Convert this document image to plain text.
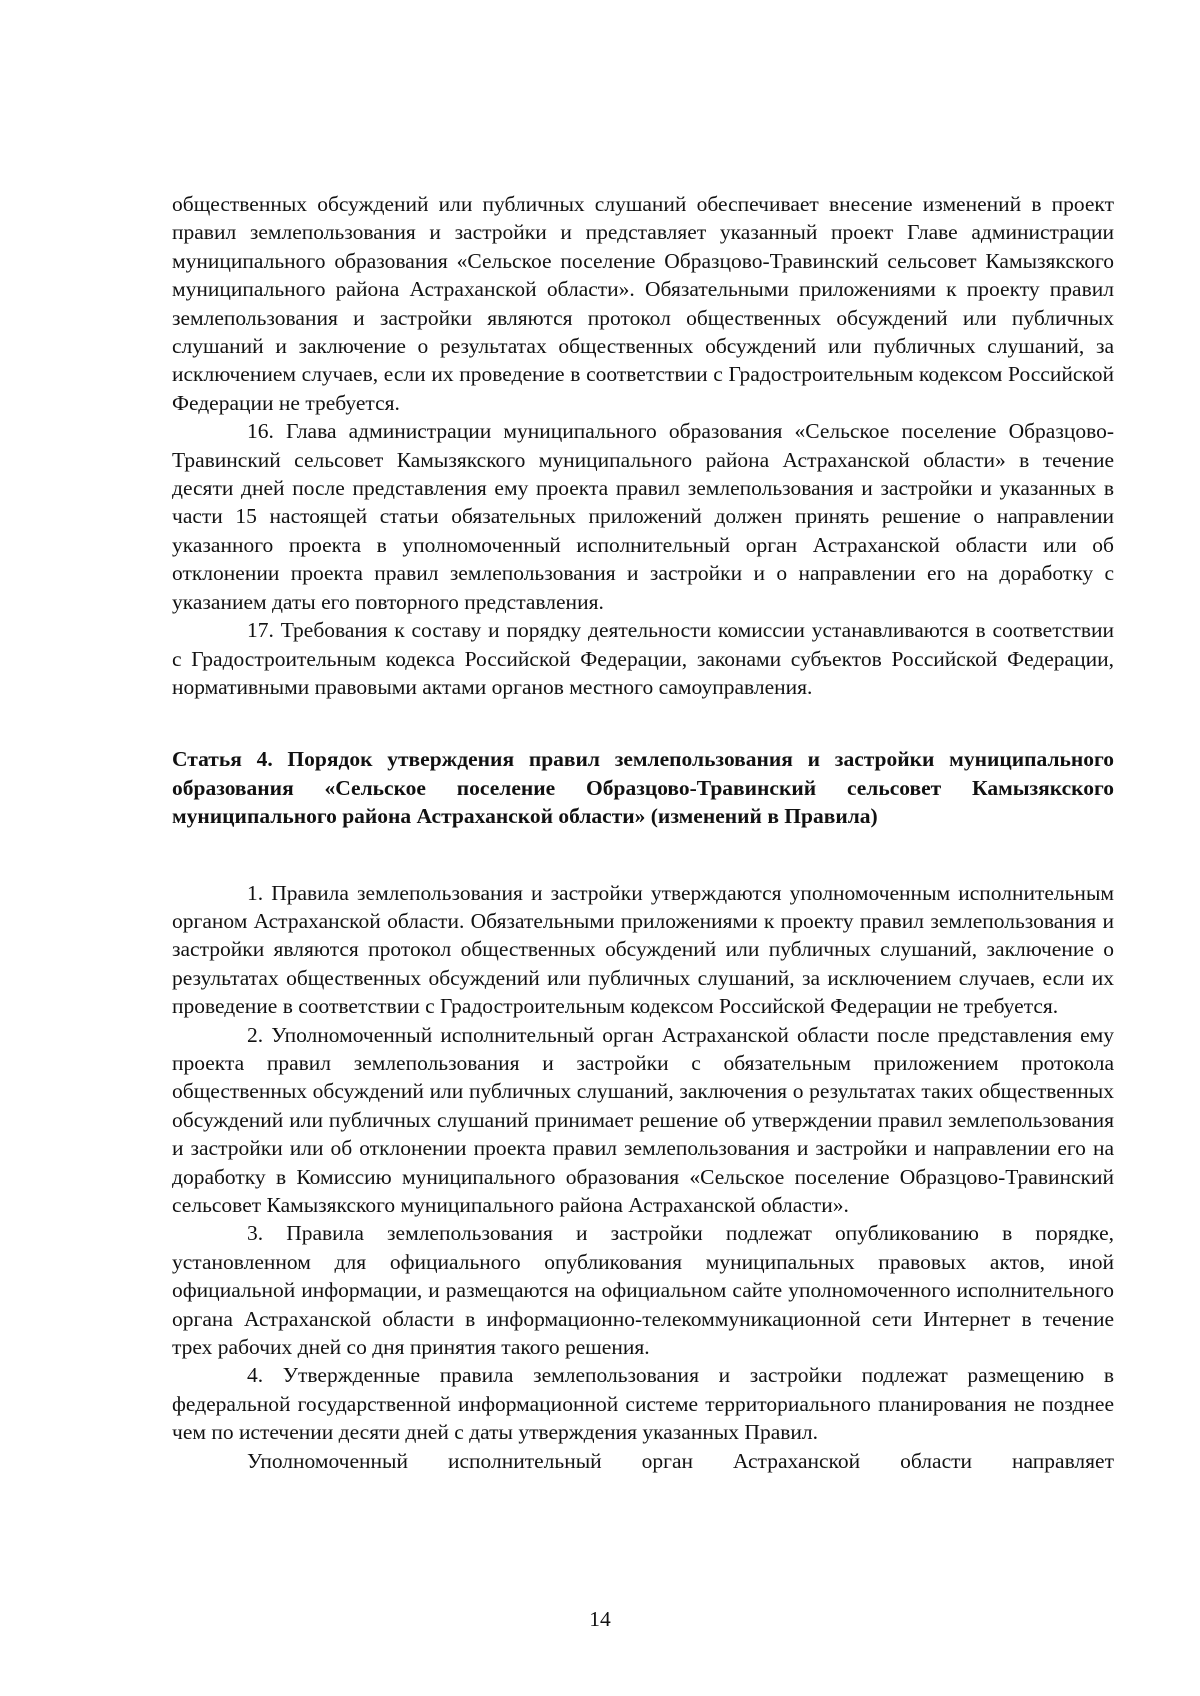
общественных обсуждений или публичных слушаний обеспечивает внесение изменений в проект правил землепользования и застройки и представляет указанный проект Главе администрации муниципального образования «Сельское поселение Образцово-Травинский сельсовет Камызякского муниципального района Астраханской области». Обязательными приложениями к проекту правил землепользования и застройки являются протокол общественных обсуждений или публичных слушаний и заключение о результатах общественных обсуждений или публичных слушаний, за исключением случаев, если их проведение в соответствии с Градостроительным кодексом Российской Федерации не требуется.

16. Глава администрации муниципального образования «Сельское поселение Образцово-Травинский сельсовет Камызякского муниципального района Астраханской области» в течение десяти дней после представления ему проекта правил землепользования и застройки и указанных в части 15 настоящей статьи обязательных приложений должен принять решение о направлении указанного проекта в уполномоченный исполнительный орган Астраханской области или об отклонении проекта правил землепользования и застройки и о направлении его на доработку с указанием даты его повторного представления.

17. Требования к составу и порядку деятельности комиссии устанавливаются в соответствии с Градостроительным кодекса Российской Федерации, законами субъектов Российской Федерации, нормативными правовыми актами органов местного самоуправления.

Статья 4. Порядок утверждения правил землепользования и застройки муниципального образования «Сельское поселение Образцово-Травинский сельсовет Камызякского муниципального района Астраханской области» (изменений в Правила)

1. Правила землепользования и застройки утверждаются уполномоченным исполнительным органом Астраханской области. Обязательными приложениями к проекту правил землепользования и застройки являются протокол общественных обсуждений или публичных слушаний, заключение о результатах общественных обсуждений или публичных слушаний, за исключением случаев, если их проведение в соответствии с Градостроительным кодексом Российской Федерации не требуется.

2. Уполномоченный исполнительный орган Астраханской области после представления ему проекта правил землепользования и застройки с обязательным приложением протокола общественных обсуждений или публичных слушаний, заключения о результатах таких общественных обсуждений или публичных слушаний принимает решение об утверждении правил землепользования и застройки или об отклонении проекта правил землепользования и застройки и направлении его на доработку в Комиссию муниципального образования «Сельское поселение Образцово-Травинский сельсовет Камызякского муниципального района Астраханской области».

3. Правила землепользования и застройки подлежат опубликованию в порядке, установленном для официального опубликования муниципальных правовых актов, иной официальной информации, и размещаются на официальном сайте уполномоченного исполнительного органа Астраханской области в информационно-телекоммуникационной сети Интернет в течение трех рабочих дней со дня принятия такого решения.

4. Утвержденные правила землепользования и застройки подлежат размещению в федеральной государственной информационной системе территориального планирования не позднее чем по истечении десяти дней с даты утверждения указанных Правил.

Уполномоченный исполнительный орган Астраханской области направляет

14
